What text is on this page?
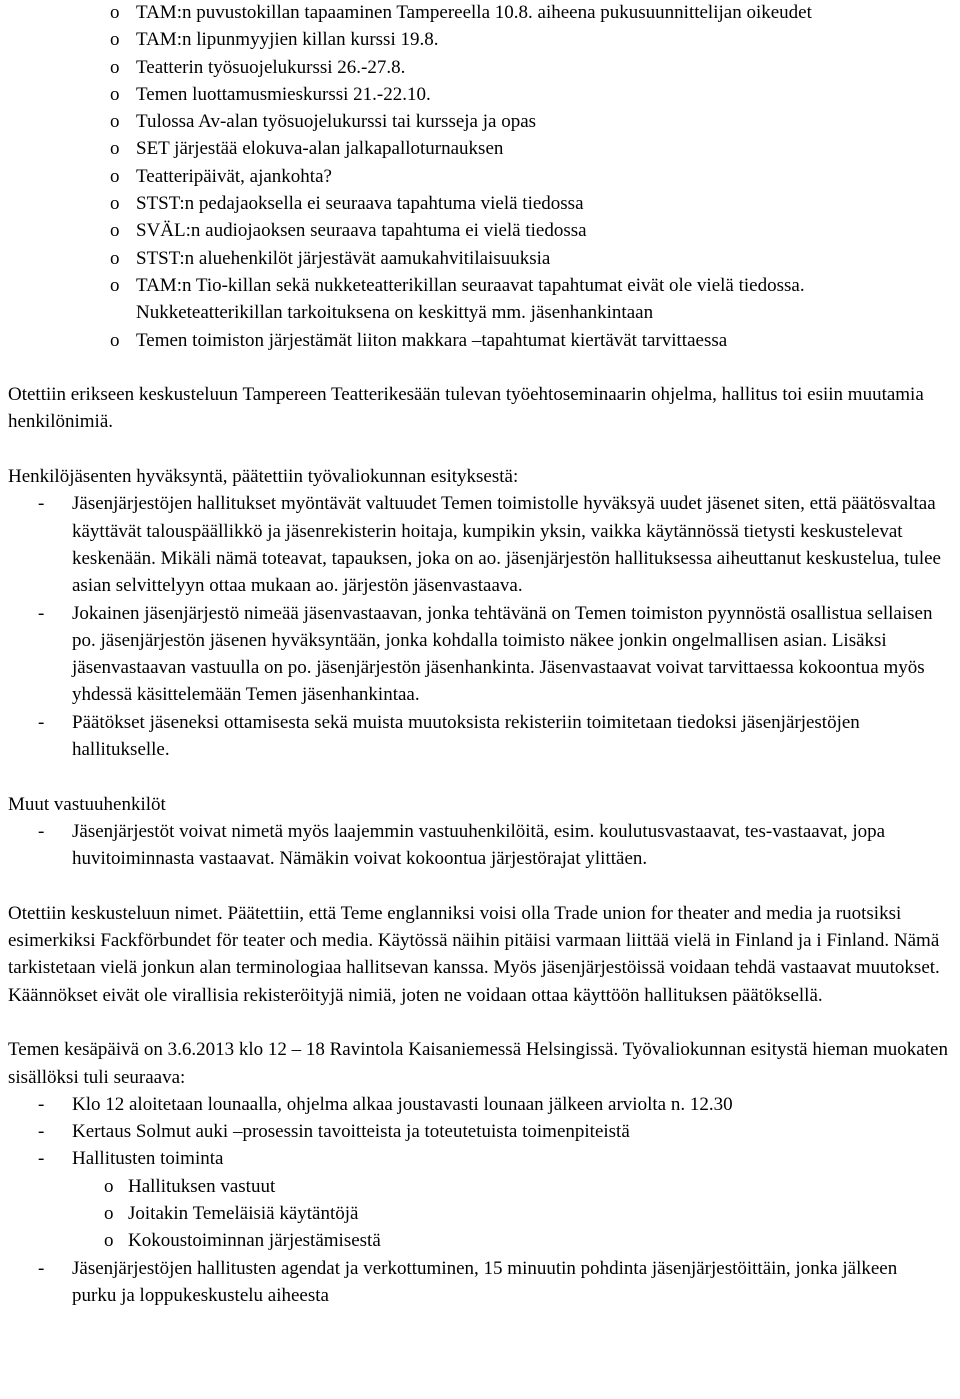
o TAM:n puvustokillan tapaaminen Tampereella 10.8. aiheena pukusuunnittelijan oikeudet
o TAM:n lipunmyyjien killan kurssi 19.8.
o Teatterin työsuojelukurssi 26.-27.8.
o Temen luottamusmieskurssi 21.-22.10.
o Tulossa Av-alan työsuojelukurssi tai kursseja ja opas
o SET järjestää elokuva-alan jalkapalloturnauksen
o Teatteripäivät, ajankohta?
o STST:n pedajaoksella ei seuraava tapahtuma vielä tiedossa
o SVÄL:n audiojaoksen seuraava tapahtuma ei vielä tiedossa
o STST:n aluehenkilöt järjestävät aamukahvitilaisuuksia
o TAM:n Tio-killan sekä nukketeatterikillan seuraavat tapahtumat eivät ole vielä tiedossa. Nukketeatterikillan tarkoituksena on keskittyä mm. jäsenhankintaan
o Temen toimiston järjestämät liiton makkara –tapahtumat kiertävät tarvittaessa

Otettiin erikseen keskusteluun Tampereen Teatterikesään tulevan työehtoseminaarin ohjelma, hallitus toi esiin muutamia henkilönimiä.

Henkilöjäsenten hyväksyntä, päätettiin työvaliokunnan esityksestä:

- Jäsenjärjestöjen hallitukset myöntävät valtuudet Temen toimistolle hyväksyä uudet jäsenet siten, että päätösvaltaa käyttävät talouspäällikkö ja jäsenrekisterin hoitaja, kumpikin yksin, vaikka käytännössä tietysti keskustelevat keskenään. Mikäli nämä toteavat, tapauksen, joka on ao. jäsenjärjestön hallituksessa aiheuttanut keskustelua, tulee asian selvittelyyn ottaa mukaan ao. järjestön jäsenvastaava.
- Jokainen jäsenjärjestö nimeää jäsenvastaavan, jonka tehtävänä on Temen toimiston pyynnöstä osallistua sellaisen po. jäsenjärjestön jäsenen hyväksyntään, jonka kohdalla toimisto näkee jonkin ongelmallisen asian. Lisäksi jäsenvastaavan vastuulla on po. jäsenjärjestön jäsenhankinta. Jäsenvastaavat voivat tarvittaessa kokoontua myös yhdessä käsittelemään Temen jäsenhankintaa.
- Päätökset jäseneksi ottamisesta sekä muista muutoksista rekisteriin toimitetaan tiedoksi jäsenjärjestöjen hallitukselle.

Muut vastuuhenkilöt

- Jäsenjärjestöt voivat nimetä myös laajemmin vastuuhenkilöitä, esim. koulutusvastaavat, tes-vastaavat, jopa huvitoiminnasta vastaavat. Nämäkin voivat kokoontua järjestörajat ylittäen.

Otettiin keskusteluun nimet. Päätettiin, että Teme englanniksi voisi olla Trade union for theater and media ja ruotsiksi esimerkiksi Fackförbundet för teater och media. Käytössä näihin pitäisi varmaan liittää vielä in Finland ja i Finland. Nämä tarkistetaan vielä jonkun alan terminologiaa hallitsevan kanssa. Myös jäsenjärjestöissä voidaan tehdä vastaavat muutokset. Käännökset eivät ole virallisia rekisteröityjä nimiä, joten ne voidaan ottaa käyttöön hallituksen päätöksellä.

Temen kesäpäivä on 3.6.2013 klo 12 – 18 Ravintola Kaisaniemessä Helsingissä. Työvaliokunnan esitystä hieman muokaten sisällöksi tuli seuraava:

- Klo 12 aloitetaan lounaalla, ohjelma alkaa joustavasti lounaan jälkeen arviolta n. 12.30
- Kertaus Solmut auki –prosessin tavoitteista ja toteutetuista toimenpiteistä
- Hallitusten toiminta
o Hallituksen vastuut
o Joitakin Temeläisiä käytäntöjä
o Kokoustoiminnan järjestämisestä
- Jäsenjärjestöjen hallitusten agendat ja verkottuminen, 15 minuutin pohdinta jäsenjärjestöittäin, jonka jälkeen purku ja loppukeskustelu aiheesta
